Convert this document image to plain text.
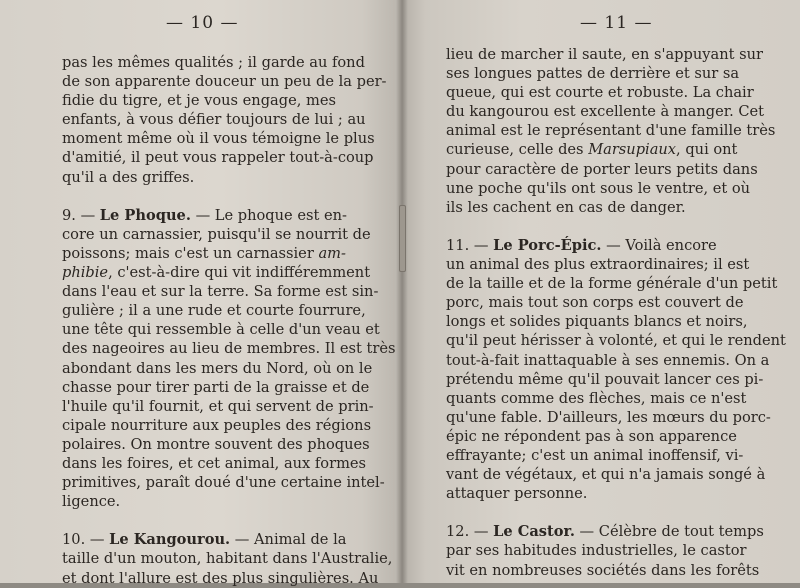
— 10 —
pas les mêmes qualités ; il garde au fond
de son apparente douceur un peu de la per-
fidie du tigre, et je vous engage, mes
enfants, à vous défier toujours de lui ; au
moment même où il vous témoigne le plus
d'amitié, il peut vous rappeler tout-à-coup
qu'il a des griffes.
9. — Le Phoque. — Le phoque est en-
core un carnassier, puisqu'il se nourrit de
poissons; mais c'est un carnassier am-
phibie, c'est-à-dire qui vit indifféremment
dans l'eau et sur la terre. Sa forme est sin-
gulière ; il a une rude et courte fourrure,
une tête qui ressemble à celle d'un veau et
des nageoires au lieu de membres. Il est très
abondant dans les mers du Nord, où on le
chasse pour tirer parti de la graisse et de
l'huile qu'il fournit, et qui servent de prin-
cipale nourriture aux peuples des régions
polaires. On montre souvent des phoques
dans les foires, et cet animal, aux formes
primitives, paraît doué d'une certaine intel-
ligence.
10. — Le Kangourou. — Animal de la
taille d'un mouton, habitant dans l'Australie,
et dont l'allure est des plus singulières. Au
— 11 —
lieu de marcher il saute, en s'appuyant sur
ses longues pattes de derrière et sur sa
queue, qui est courte et robuste. La chair
du kangourou est excellente à manger. Cet
animal est le représentant d'une famille très
curieuse, celle des Marsupiaux, qui ont
pour caractère de porter leurs petits dans
une poche qu'ils ont sous le ventre, et où
ils les cachent en cas de danger.
11. — Le Porc-Épic. — Voilà encore
un animal des plus extraordinaires; il est
de la taille et de la forme générale d'un petit
porc, mais tout son corps est couvert de
longs et solides piquants blancs et noirs,
qu'il peut hérisser à volonté, et qui le rendent
tout-à-fait inattaquable à ses ennemis. On a
prétendu même qu'il pouvait lancer ces pi-
quants comme des flèches, mais ce n'est
qu'une fable. D'ailleurs, les mœurs du porc-
épic ne répondent pas à son apparence
effrayante; c'est un animal inoffensif, vi-
vant de végétaux, et qui n'a jamais songé à
attaquer personne.
12. — Le Castor. — Célèbre de tout temps
par ses habitudes industrielles, le castor
vit en nombreuses sociétés dans les forêts
